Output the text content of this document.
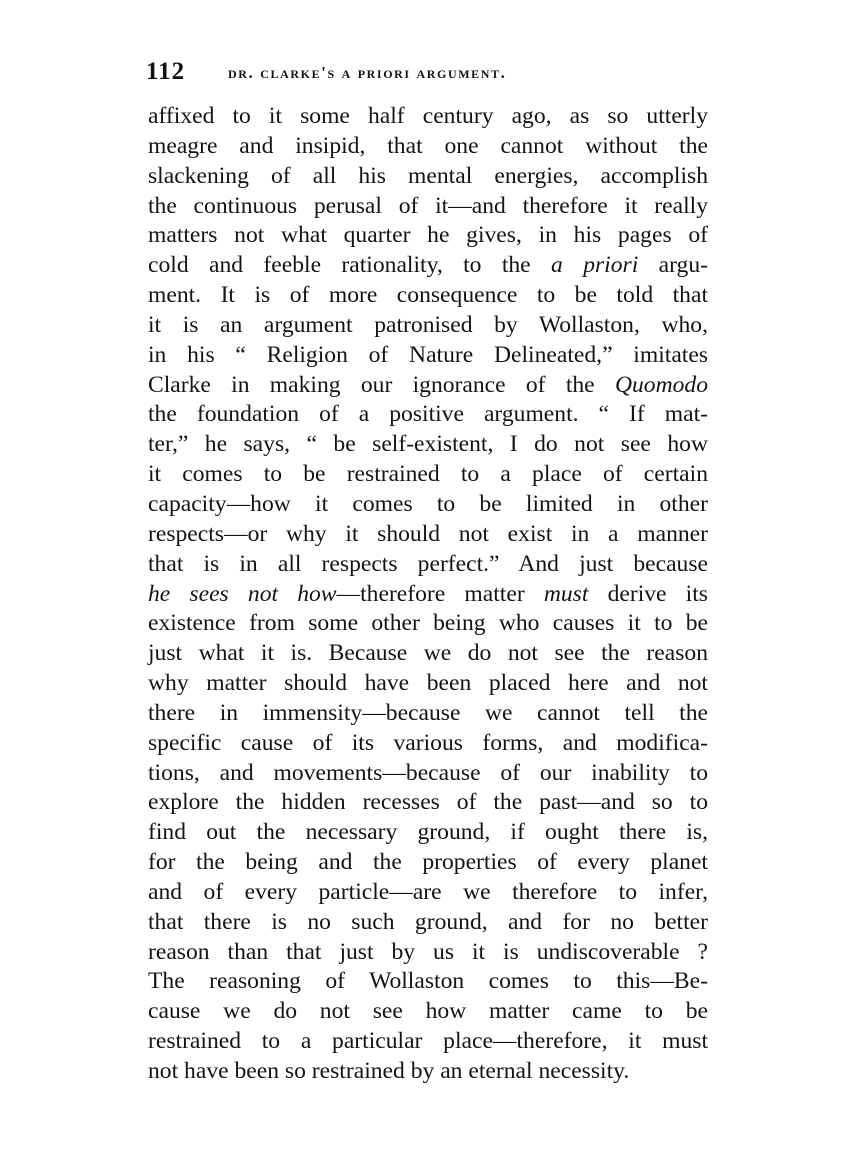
112	dr. clarke's a priori argument.
affixed to it some half century ago, as so utterly
meagre and insipid, that one cannot without the
slackening of all his mental energies, accomplish
the continuous perusal of it—and therefore it really
matters not what quarter he gives, in his pages of
cold and feeble rationality, to the a priori argu-
ment. It is of more consequence to be told that
it is an argument patronised by Wollaston, who,
in his “ Religion of Nature Delineated,” imitates
Clarke in making our ignorance of the Quomodo
the foundation of a positive argument. “ If mat-
ter,” he says, “ be self-existent, I do not see how
it comes to be restrained to a place of certain
capacity—how it comes to be limited in other
respects—or why it should not exist in a manner
that is in all respects perfect.” And just because
he sees not how—therefore matter must derive its
existence from some other being who causes it to be
just what it is. Because we do not see the reason
why matter should have been placed here and not
there in immensity—because we cannot tell the
specific cause of its various forms, and modifica-
tions, and movements—because of our inability to
explore the hidden recesses of the past—and so to
find out the necessary ground, if ought there is,
for the being and the properties of every planet
and of every particle—are we therefore to infer,
that there is no such ground, and for no better
reason than that just by us it is undiscoverable ?
The reasoning of Wollaston comes to this—Be-
cause we do not see how matter came to be
restrained to a particular place—therefore, it must
not have been so restrained by an eternal necessity.
